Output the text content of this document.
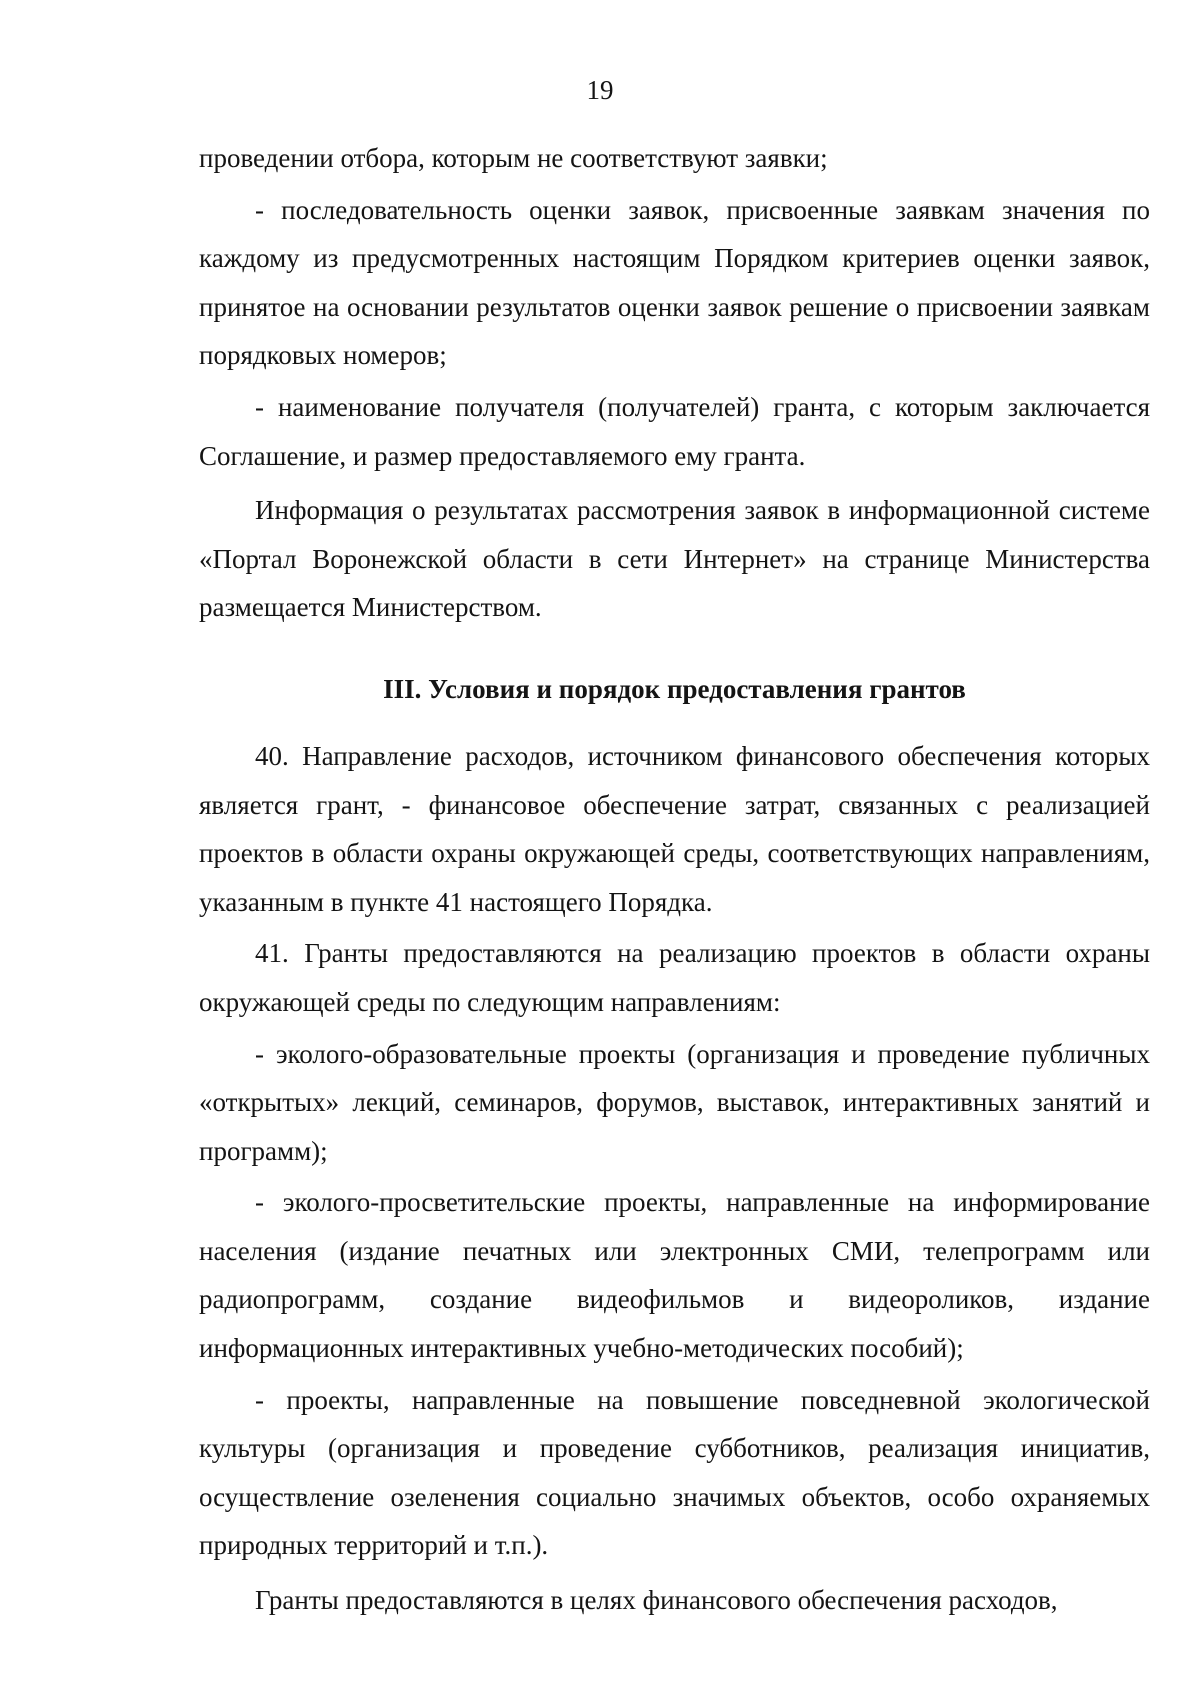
19

проведении отбора, которым не соответствуют заявки;

- последовательность оценки заявок, присвоенные заявкам значения по каждому из предусмотренных настоящим Порядком критериев оценки заявок, принятое на основании результатов оценки заявок решение о присвоении заявкам порядковых номеров;

- наименование получателя (получателей) гранта, с которым заключается Соглашение, и размер предоставляемого ему гранта.

Информация о результатах рассмотрения заявок в информационной системе «Портал Воронежской области в сети Интернет» на странице Министерства размещается Министерством.

III. Условия и порядок предоставления грантов

40. Направление расходов, источником финансового обеспечения которых является грант, - финансовое обеспечение затрат, связанных с реализацией проектов в области охраны окружающей среды, соответствующих направлениям, указанным в пункте 41 настоящего Порядка.

41. Гранты предоставляются на реализацию проектов в области охраны окружающей среды по следующим направлениям:

- эколого-образовательные проекты (организация и проведение публичных «открытых» лекций, семинаров, форумов, выставок, интерактивных занятий и программ);

- эколого-просветительские проекты, направленные на информирование населения (издание печатных или электронных СМИ, телепрограмм или радиопрограмм, создание видеофильмов и видеороликов, издание информационных интерактивных учебно-методических пособий);

- проекты, направленные на повышение повседневной экологической культуры (организация и проведение субботников, реализация инициатив, осуществление озеленения социально значимых объектов, особо охраняемых природных территорий и т.п.).

Гранты предоставляются в целях финансового обеспечения расходов,
